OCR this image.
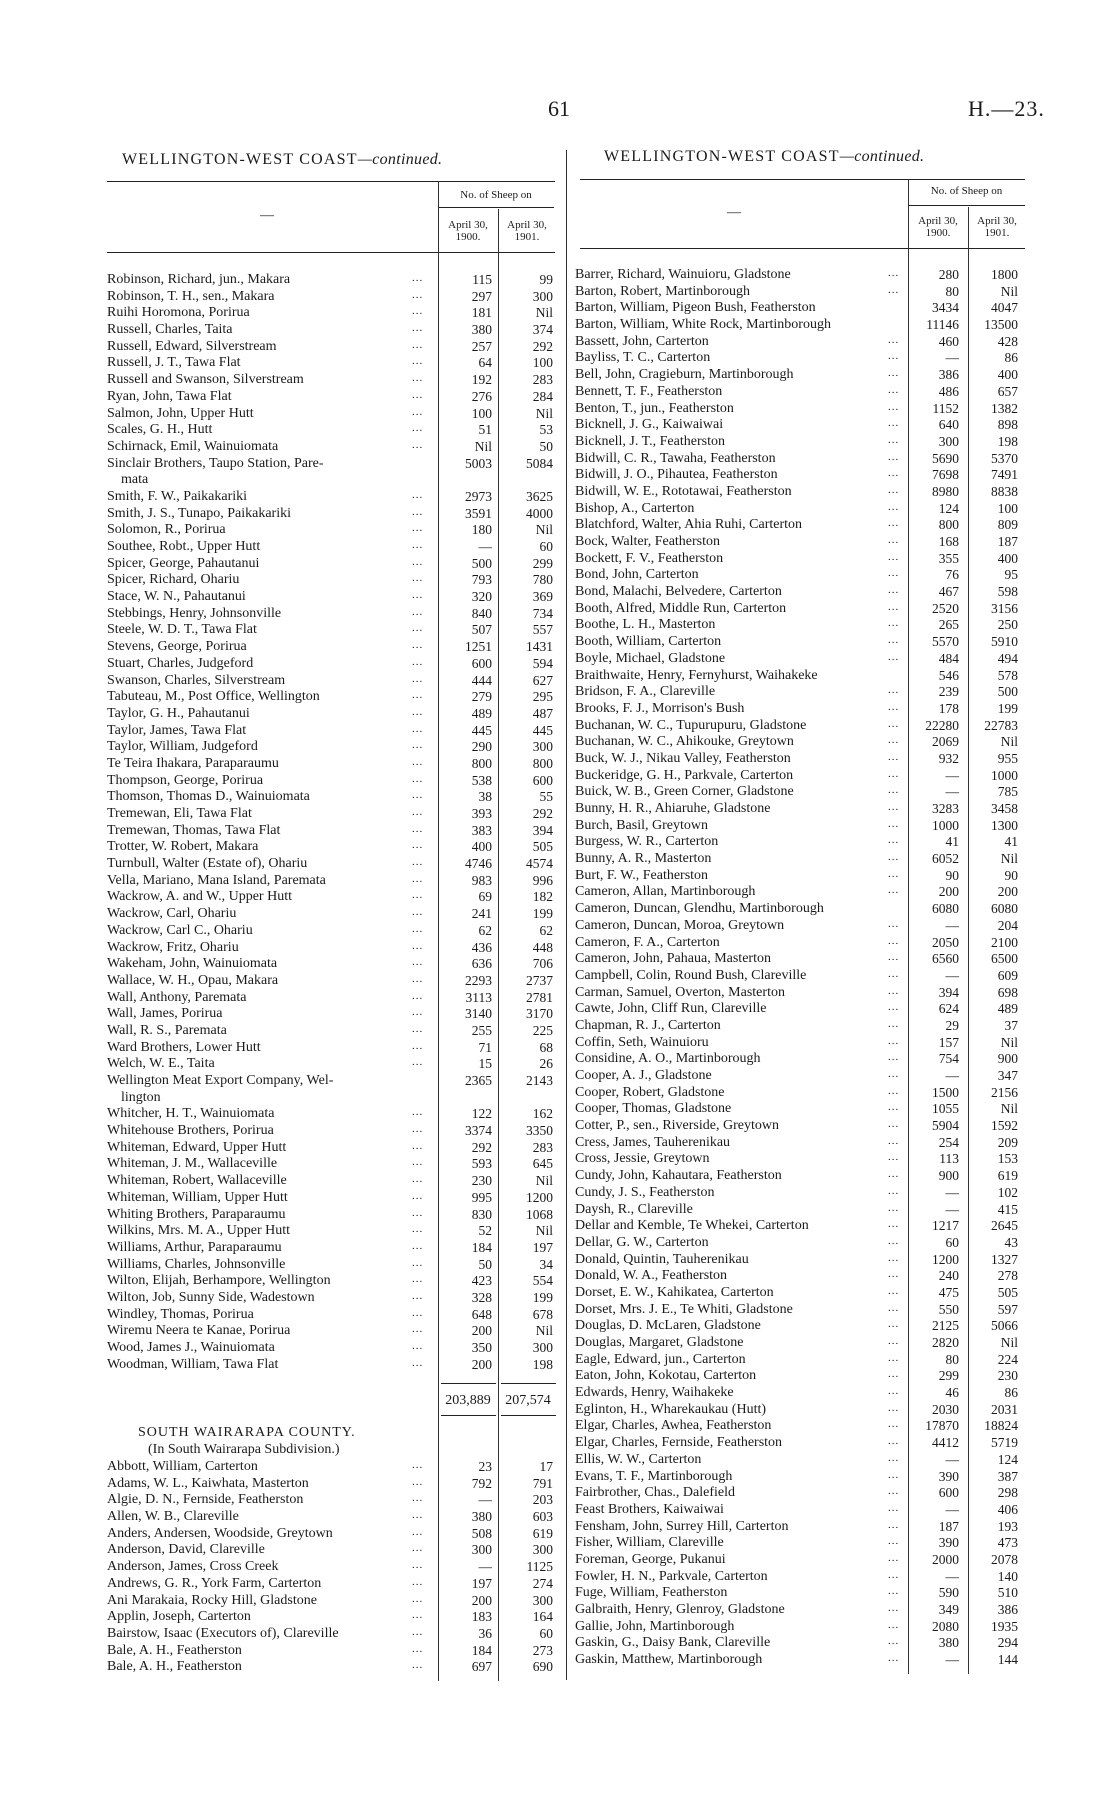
61	H.—23.
WELLINGTON-WEST COAST—continued.
—
No. of Sheep on
April 30,
1900.
April 30,
1901.
Robinson, Richard, jun., Makara	...	115	99
Robinson, T. H., sen., Makara	...	297	300
Ruihi Horomona, Porirua	...	181	Nil
Russell, Charles, Taita	...	380	374
Russell, Edward, Silverstream	...	257	292
Russell, J. T., Tawa Flat	...	64	100
Russell and Swanson, Silverstream	...	192	283
Ryan, John, Tawa Flat	...	276	284
Salmon, John, Upper Hutt	...	100	Nil
Scales, G. H., Hutt	...	51	53
Schirnack, Emil, Wainuiomata	...	Nil	50
Sinclair Brothers, Taupo Station, Pare-	5003	5084
mata
Smith, F. W., Paikakariki	...	2973	3625
Smith, J. S., Tunapo, Paikakariki	...	3591	4000
Solomon, R., Porirua	...	180	Nil
Southee, Robt., Upper Hutt	...	—	60
Spicer, George, Pahautanui	...	500	299
Spicer, Richard, Ohariu	...	793	780
Stace, W. N., Pahautanui	...	320	369
Stebbings, Henry, Johnsonville	...	840	734
Steele, W. D. T., Tawa Flat	...	507	557
Stevens, George, Porirua	...	1251	1431
Stuart, Charles, Judgeford	...	600	594
Swanson, Charles, Silverstream	...	444	627
Tabuteau, M., Post Office, Wellington	...	279	295
Taylor, G. H., Pahautanui	...	489	487
Taylor, James, Tawa Flat	...	445	445
Taylor, William, Judgeford	...	290	300
Te Teira Ihakara, Paraparaumu	...	800	800
Thompson, George, Porirua	...	538	600
Thomson, Thomas D., Wainuiomata	...	38	55
Tremewan, Eli, Tawa Flat	...	393	292
Tremewan, Thomas, Tawa Flat	...	383	394
Trotter, W. Robert, Makara	...	400	505
Turnbull, Walter (Estate of), Ohariu	...	4746	4574
Vella, Mariano, Mana Island, Paremata	...	983	996
Wackrow, A. and W., Upper Hutt	...	69	182
Wackrow, Carl, Ohariu	...	241	199
Wackrow, Carl C., Ohariu	...	62	62
Wackrow, Fritz, Ohariu	...	436	448
Wakeham, John, Wainuiomata	...	636	706
Wallace, W. H., Opau, Makara	...	2293	2737
Wall, Anthony, Paremata	...	3113	2781
Wall, James, Porirua	...	3140	3170
Wall, R. S., Paremata	...	255	225
Ward Brothers, Lower Hutt	...	71	68
Welch, W. E., Taita	...	15	26
Wellington Meat Export Company, Wel-	2365	2143
lington
Whitcher, H. T., Wainuiomata	...	122	162
Whitehouse Brothers, Porirua	...	3374	3350
Whiteman, Edward, Upper Hutt	...	292	283
Whiteman, J. M., Wallaceville	...	593	645
Whiteman, Robert, Wallaceville	...	230	Nil
Whiteman, William, Upper Hutt	...	995	1200
Whiting Brothers, Paraparaumu	...	830	1068
Wilkins, Mrs. M. A., Upper Hutt	...	52	Nil
Williams, Arthur, Paraparaumu	...	184	197
Williams, Charles, Johnsonville	...	50	34
Wilton, Elijah, Berhampore, Wellington	...	423	554
Wilton, Job, Sunny Side, Wadestown	...	328	199
Windley, Thomas, Porirua	...	648	678
Wiremu Neera te Kanae, Porirua	...	200	Nil
Wood, James J., Wainuiomata	...	350	300
Woodman, William, Tawa Flat	...	200	198
203,889	207,574
SOUTH WAIRARAPA COUNTY.
(In South Wairarapa Subdivision.)
Abbott, William, Carterton	...	23	17
Adams, W. L., Kaiwhata, Masterton	...	792	791
Algie, D. N., Fernside, Featherston	...	—	203
Allen, W. B., Clareville	...	380	603
Anders, Andersen, Woodside, Greytown	...	508	619
Anderson, David, Clareville	...	300	300
Anderson, James, Cross Creek	...	—	1125
Andrews, G. R., York Farm, Carterton	...	197	274
Ani Marakaia, Rocky Hill, Gladstone	...	200	300
Applin, Joseph, Carterton	...	183	164
Bairstow, Isaac (Executors of), Clareville	...	36	60
Bale, A. H., Featherston	...	184	273
Bale, A. H., Featherston	...	697	690
WELLINGTON-WEST COAST—continued.
—
No. of Sheep on
April 30,
1900.
April 30,
1901.
Barrer, Richard, Wainuioru, Gladstone	...	280	1800
Barton, Robert, Martinborough	...	80	Nil
Barton, William, Pigeon Bush, Featherston	3434	4047
Barton, William, White Rock, Martinborough	11146	13500
Bassett, John, Carterton	...	460	428
Bayliss, T. C., Carterton	...	—	86
Bell, John, Cragieburn, Martinborough	...	386	400
Bennett, T. F., Featherston	...	486	657
Benton, T., jun., Featherston	...	1152	1382
Bicknell, J. G., Kaiwaiwai	...	640	898
Bicknell, J. T., Featherston	...	300	198
Bidwill, C. R., Tawaha, Featherston	...	5690	5370
Bidwill, J. O., Pihautea, Featherston	...	7698	7491
Bidwill, W. E., Rototawai, Featherston	...	8980	8838
Bishop, A., Carterton	...	124	100
Blatchford, Walter, Ahia Ruhi, Carterton	...	800	809
Bock, Walter, Featherston	...	168	187
Bockett, F. V., Featherston	...	355	400
Bond, John, Carterton	...	76	95
Bond, Malachi, Belvedere, Carterton	...	467	598
Booth, Alfred, Middle Run, Carterton	...	2520	3156
Boothe, L. H., Masterton	...	265	250
Booth, William, Carterton	...	5570	5910
Boyle, Michael, Gladstone	...	484	494
Braithwaite, Henry, Fernyhurst, Waihakeke	546	578
Bridson, F. A., Clareville	...	239	500
Brooks, F. J., Morrison's Bush	...	178	199
Buchanan, W. C., Tupurupuru, Gladstone	...	22280	22783
Buchanan, W. C., Ahikouke, Greytown	...	2069	Nil
Buck, W. J., Nikau Valley, Featherston	...	932	955
Buckeridge, G. H., Parkvale, Carterton	...	—	1000
Buick, W. B., Green Corner, Gladstone	...	—	785
Bunny, H. R., Ahiaruhe, Gladstone	...	3283	3458
Burch, Basil, Greytown	...	1000	1300
Burgess, W. R., Carterton	...	41	41
Bunny, A. R., Masterton	...	6052	Nil
Burt, F. W., Featherston	...	90	90
Cameron, Allan, Martinborough	...	200	200
Cameron, Duncan, Glendhu, Martinborough	6080	6080
Cameron, Duncan, Moroa, Greytown	...	—	204
Cameron, F. A., Carterton	...	2050	2100
Cameron, John, Pahaua, Masterton	...	6560	6500
Campbell, Colin, Round Bush, Clareville	...	—	609
Carman, Samuel, Overton, Masterton	...	394	698
Cawte, John, Cliff Run, Clareville	...	624	489
Chapman, R. J., Carterton	...	29	37
Coffin, Seth, Wainuioru	...	157	Nil
Considine, A. O., Martinborough	...	754	900
Cooper, A. J., Gladstone	...	—	347
Cooper, Robert, Gladstone	...	1500	2156
Cooper, Thomas, Gladstone	...	1055	Nil
Cotter, P., sen., Riverside, Greytown	...	5904	1592
Cress, James, Tauherenikau	...	254	209
Cross, Jessie, Greytown	...	113	153
Cundy, John, Kahautara, Featherston	...	900	619
Cundy, J. S., Featherston	...	—	102
Daysh, R., Clareville	...	—	415
Dellar and Kemble, Te Whekei, Carterton	...	1217	2645
Dellar, G. W., Carterton	...	60	43
Donald, Quintin, Tauherenikau	...	1200	1327
Donald, W. A., Featherston	...	240	278
Dorset, E. W., Kahikatea, Carterton	...	475	505
Dorset, Mrs. J. E., Te Whiti, Gladstone	...	550	597
Douglas, D. McLaren, Gladstone	...	2125	5066
Douglas, Margaret, Gladstone	...	2820	Nil
Eagle, Edward, jun., Carterton	...	80	224
Eaton, John, Kokotau, Carterton	...	299	230
Edwards, Henry, Waihakeke	...	46	86
Eglinton, H., Wharekaukau (Hutt)	...	2030	2031
Elgar, Charles, Awhea, Featherston	...	17870	18824
Elgar, Charles, Fernside, Featherston	...	4412	5719
Ellis, W. W., Carterton	...	—	124
Evans, T. F., Martinborough	...	390	387
Fairbrother, Chas., Dalefield	...	600	298
Feast Brothers, Kaiwaiwai	...	—	406
Fensham, John, Surrey Hill, Carterton	...	187	193
Fisher, William, Clareville	...	390	473
Foreman, George, Pukanui	...	2000	2078
Fowler, H. N., Parkvale, Carterton	...	—	140
Fuge, William, Featherston	...	590	510
Galbraith, Henry, Glenroy, Gladstone	...	349	386
Gallie, John, Martinborough	...	2080	1935
Gaskin, G., Daisy Bank, Clareville	...	380	294
Gaskin, Matthew, Martinborough	...	—	144
